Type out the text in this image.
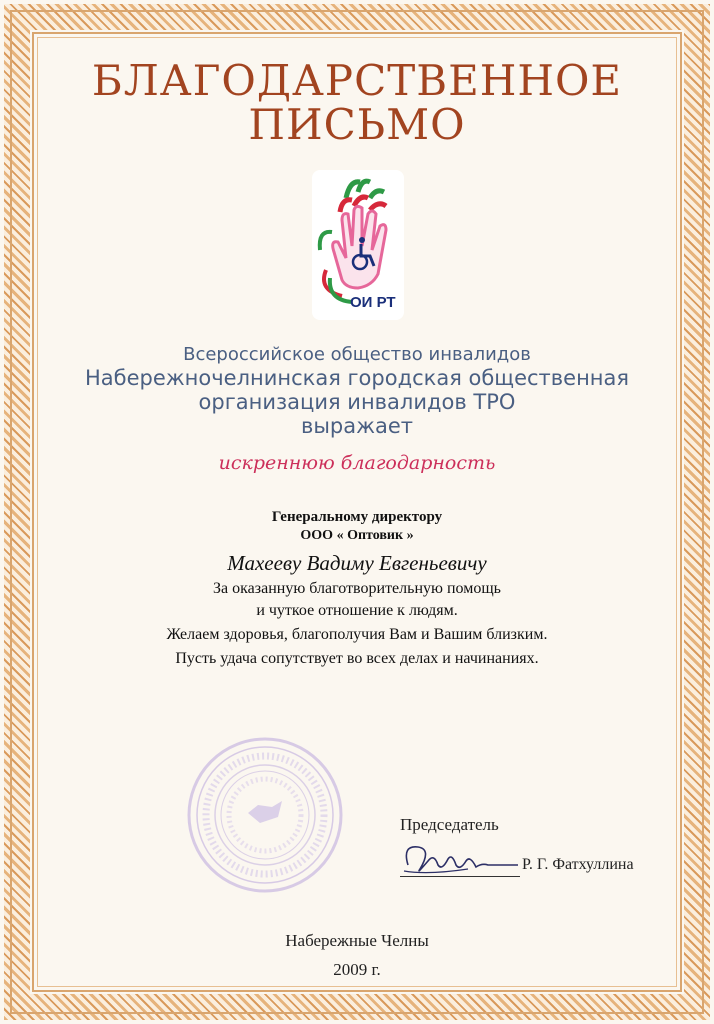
БЛАГОДАРСТВЕННОЕ
ПИСЬМО
ОИ РТ
Всероссийское общество инвалидов
Набережночелнинская городская общественная
организация инвалидов ТРО
выражает
искреннюю благодарность
Генеральному директору
ООО « Оптовик »
Махееву Вадиму Евгеньевичу
За оказанную благотворительную помощь
и чуткое отношение к людям.
Желаем здоровья, благополучия Вам и Вашим близким.
Пусть удача сопутствует во всех делах и начинаниях.
Председатель
Р. Г. Фатхуллина
Набережные Челны
2009 г.
